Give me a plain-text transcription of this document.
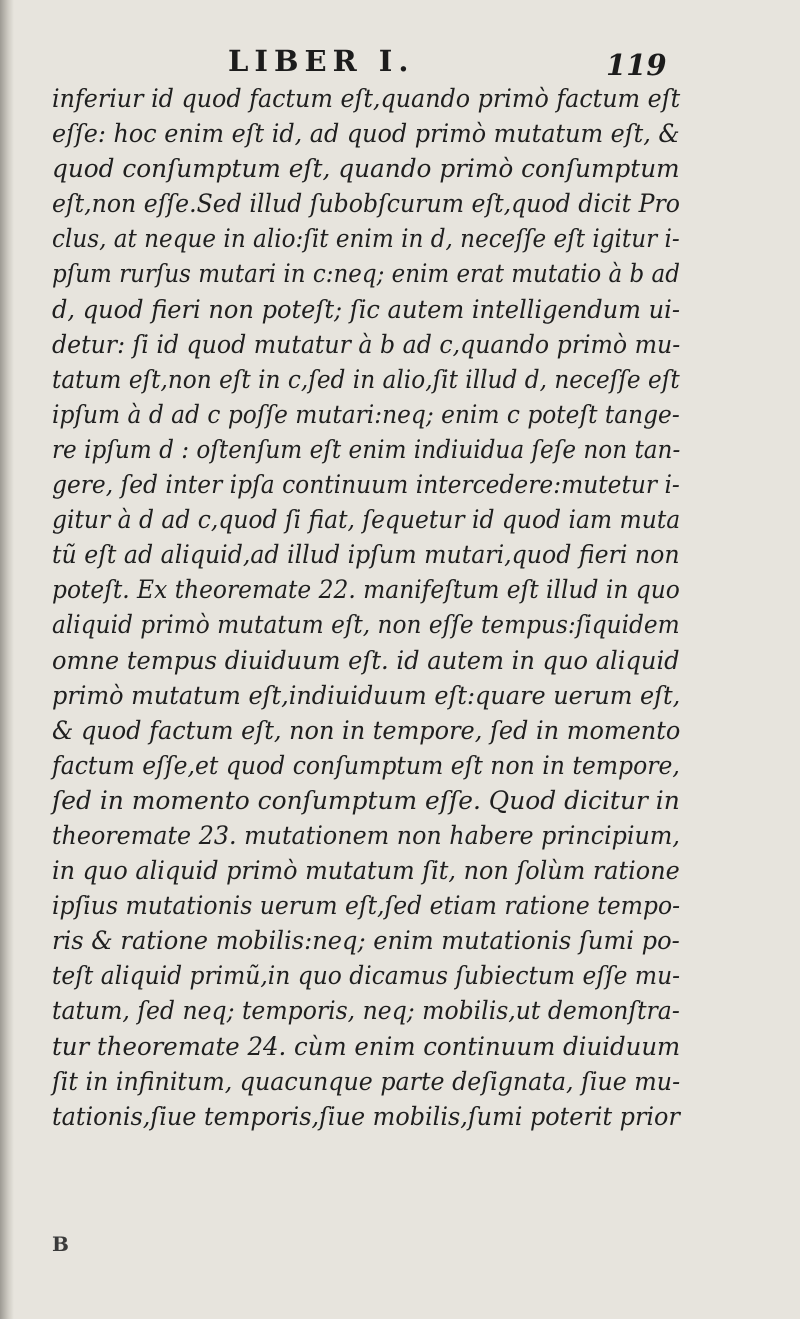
LIBER I.	119
inferiur id quod factum eſt,quando primò factum eſt
eſſe: hoc enim eſt id, ad quod primò mutatum eſt, &
quod conſumptum eſt, quando primò conſumptum
eſt,non eſſe.Sed illud ſubobſcurum eſt,quod dicit Pro
clus, at neque in alio:ſit enim in d, neceſſe eſt igitur i-
pſum rurſus mutari in c:neq; enim erat mutatio à b ad
d, quod fieri non poteſt; ſic autem intelligendum ui-
detur: ſi id quod mutatur à b ad c,quando primò mu-
tatum eſt,non eſt in c,ſed in alio,ſit illud d, neceſſe eſt
ipſum à d ad c poſſe mutari:neq; enim c poteſt tange-
re ipſum d : oſtenſum eſt enim indiuidua ſeſe non tan-
gere, ſed inter ipſa continuum intercedere:mutetur i-
gitur à d ad c,quod ſi fiat, ſequetur id quod iam muta
tũ eſt ad aliquid,ad illud ipſum mutari,quod fieri non
poteſt. Ex theoremate 22. manifeſtum eſt illud in quo
aliquid primò mutatum eſt, non eſſe tempus:ſiquidem
omne tempus diuiduum eſt. id autem in quo aliquid
primò mutatum eſt,indiuiduum eſt:quare uerum eſt,
& quod factum eſt, non in tempore, ſed in momento
factum eſſe,et quod conſumptum eſt non in tempore,
ſed in momento conſumptum eſſe. Quod dicitur in
theoremate 23. mutationem non habere principium,
in quo aliquid primò mutatum ſit, non ſolùm ratione
ipſius mutationis uerum eſt,ſed etiam ratione tempo-
ris & ratione mobilis:neq; enim mutationis ſumi po-
teſt aliquid primũ,in quo dicamus ſubiectum eſſe mu-
tatum, ſed neq; temporis, neq; mobilis,ut demonſtra-
tur theoremate 24. cùm enim continuum diuiduum
ſit in infinitum, quacunque parte deſignata, ſiue mu-
tationis,ſiue temporis,ſiue mobilis,ſumi poterit prior
B
